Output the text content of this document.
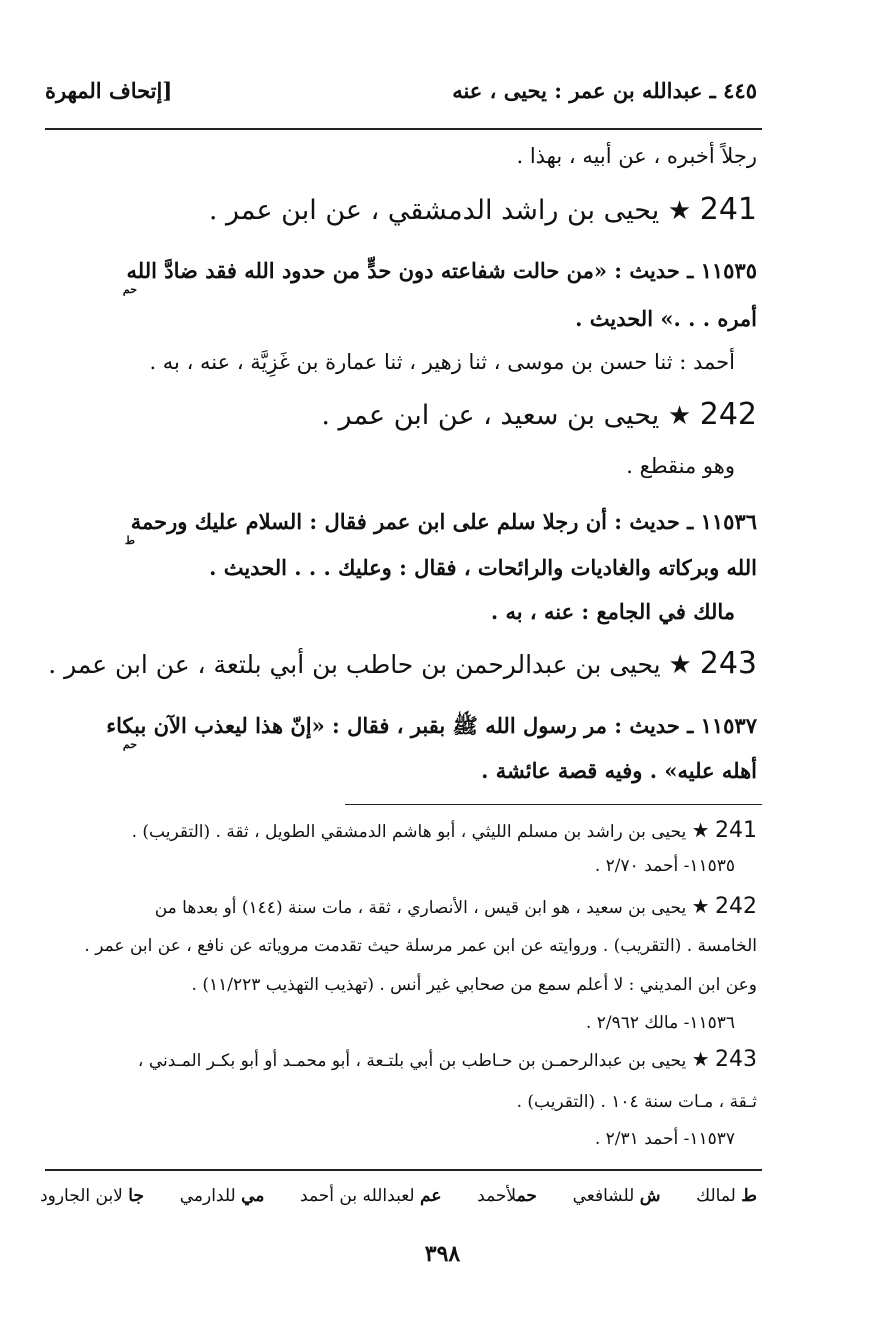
٤٤٥ ـ عبدالله بن عمر : يحيى ، عنه
[إتحاف المهرة
رجلاً أخبره ، عن أبيه ، بهذا .
241 ★ يحيى بن راشد الدمشقي ، عن ابن عمر .
١١٥٣٥ ـ حديث : «من حالت شفاعته دون حدٍّ من حدود الله فقد ضادَّ الله
حم
أمره . . .» الحديث .
أحمد : ثنا حسن بن موسى ، ثنا زهير ، ثنا عمارة بن غَزِيَّة ، عنه ، به .
242 ★ يحيى بن سعيد ، عن ابن عمر .
وهو منقطع .
١١٥٣٦ ـ حديث : أن رجلا سلم على ابن عمر فقال : السلام عليك ورحمة
ط
الله وبركاته والغاديات والرائحات ، فقال : وعليك . . . الحديث .
مالك في الجامع : عنه ، به .
243 ★ يحيى بن عبدالرحمن بن حاطب بن أبي بلتعة ، عن ابن عمر .
١١٥٣٧ ـ حديث : مر رسول الله ﷺ بقبر ، فقال : «إنّ هذا ليعذب الآن ببكاء
حم
أهله عليه» . وفيه قصة عائشة .
241 ★ يحيى بن راشد بن مسلم الليثي ، أبو هاشم الدمشقي الطويل ، ثقة . (التقريب) .
١١٥٣٥- أحمد ٢/٧٠ .
242 ★ يحيى بن سعيد ، هو ابن قيس ، الأنصاري ، ثقة ، مات سنة (١٤٤) أو بعدها من
الخامسة . (التقريب) . وروايته عن ابن عمر مرسلة حيث تقدمت مروياته عن نافع ، عن ابن عمر .
وعن ابن المديني : لا أعلم سمع من صحابي غير أنس . (تهذيب التهذيب ١١/٢٢٣) .
١١٥٣٦- مالك ٢/٩٦٢ .
243 ★ يحيى بن عبدالرحمـن بن حـاطب بن أبي بلتـعة ، أبو محمـد أو أبو بكـر المـدني ،
ثـقة ، مـات سنة ١٠٤ . (التقريب) .
١١٥٣٧- أحمد ٢/٣١ .
ط لمالك
ش للشافعي
حملأحمد
عم لعبدالله بن أحمد
مي للدارمي
جا لابن الجارود
٣٩٨
